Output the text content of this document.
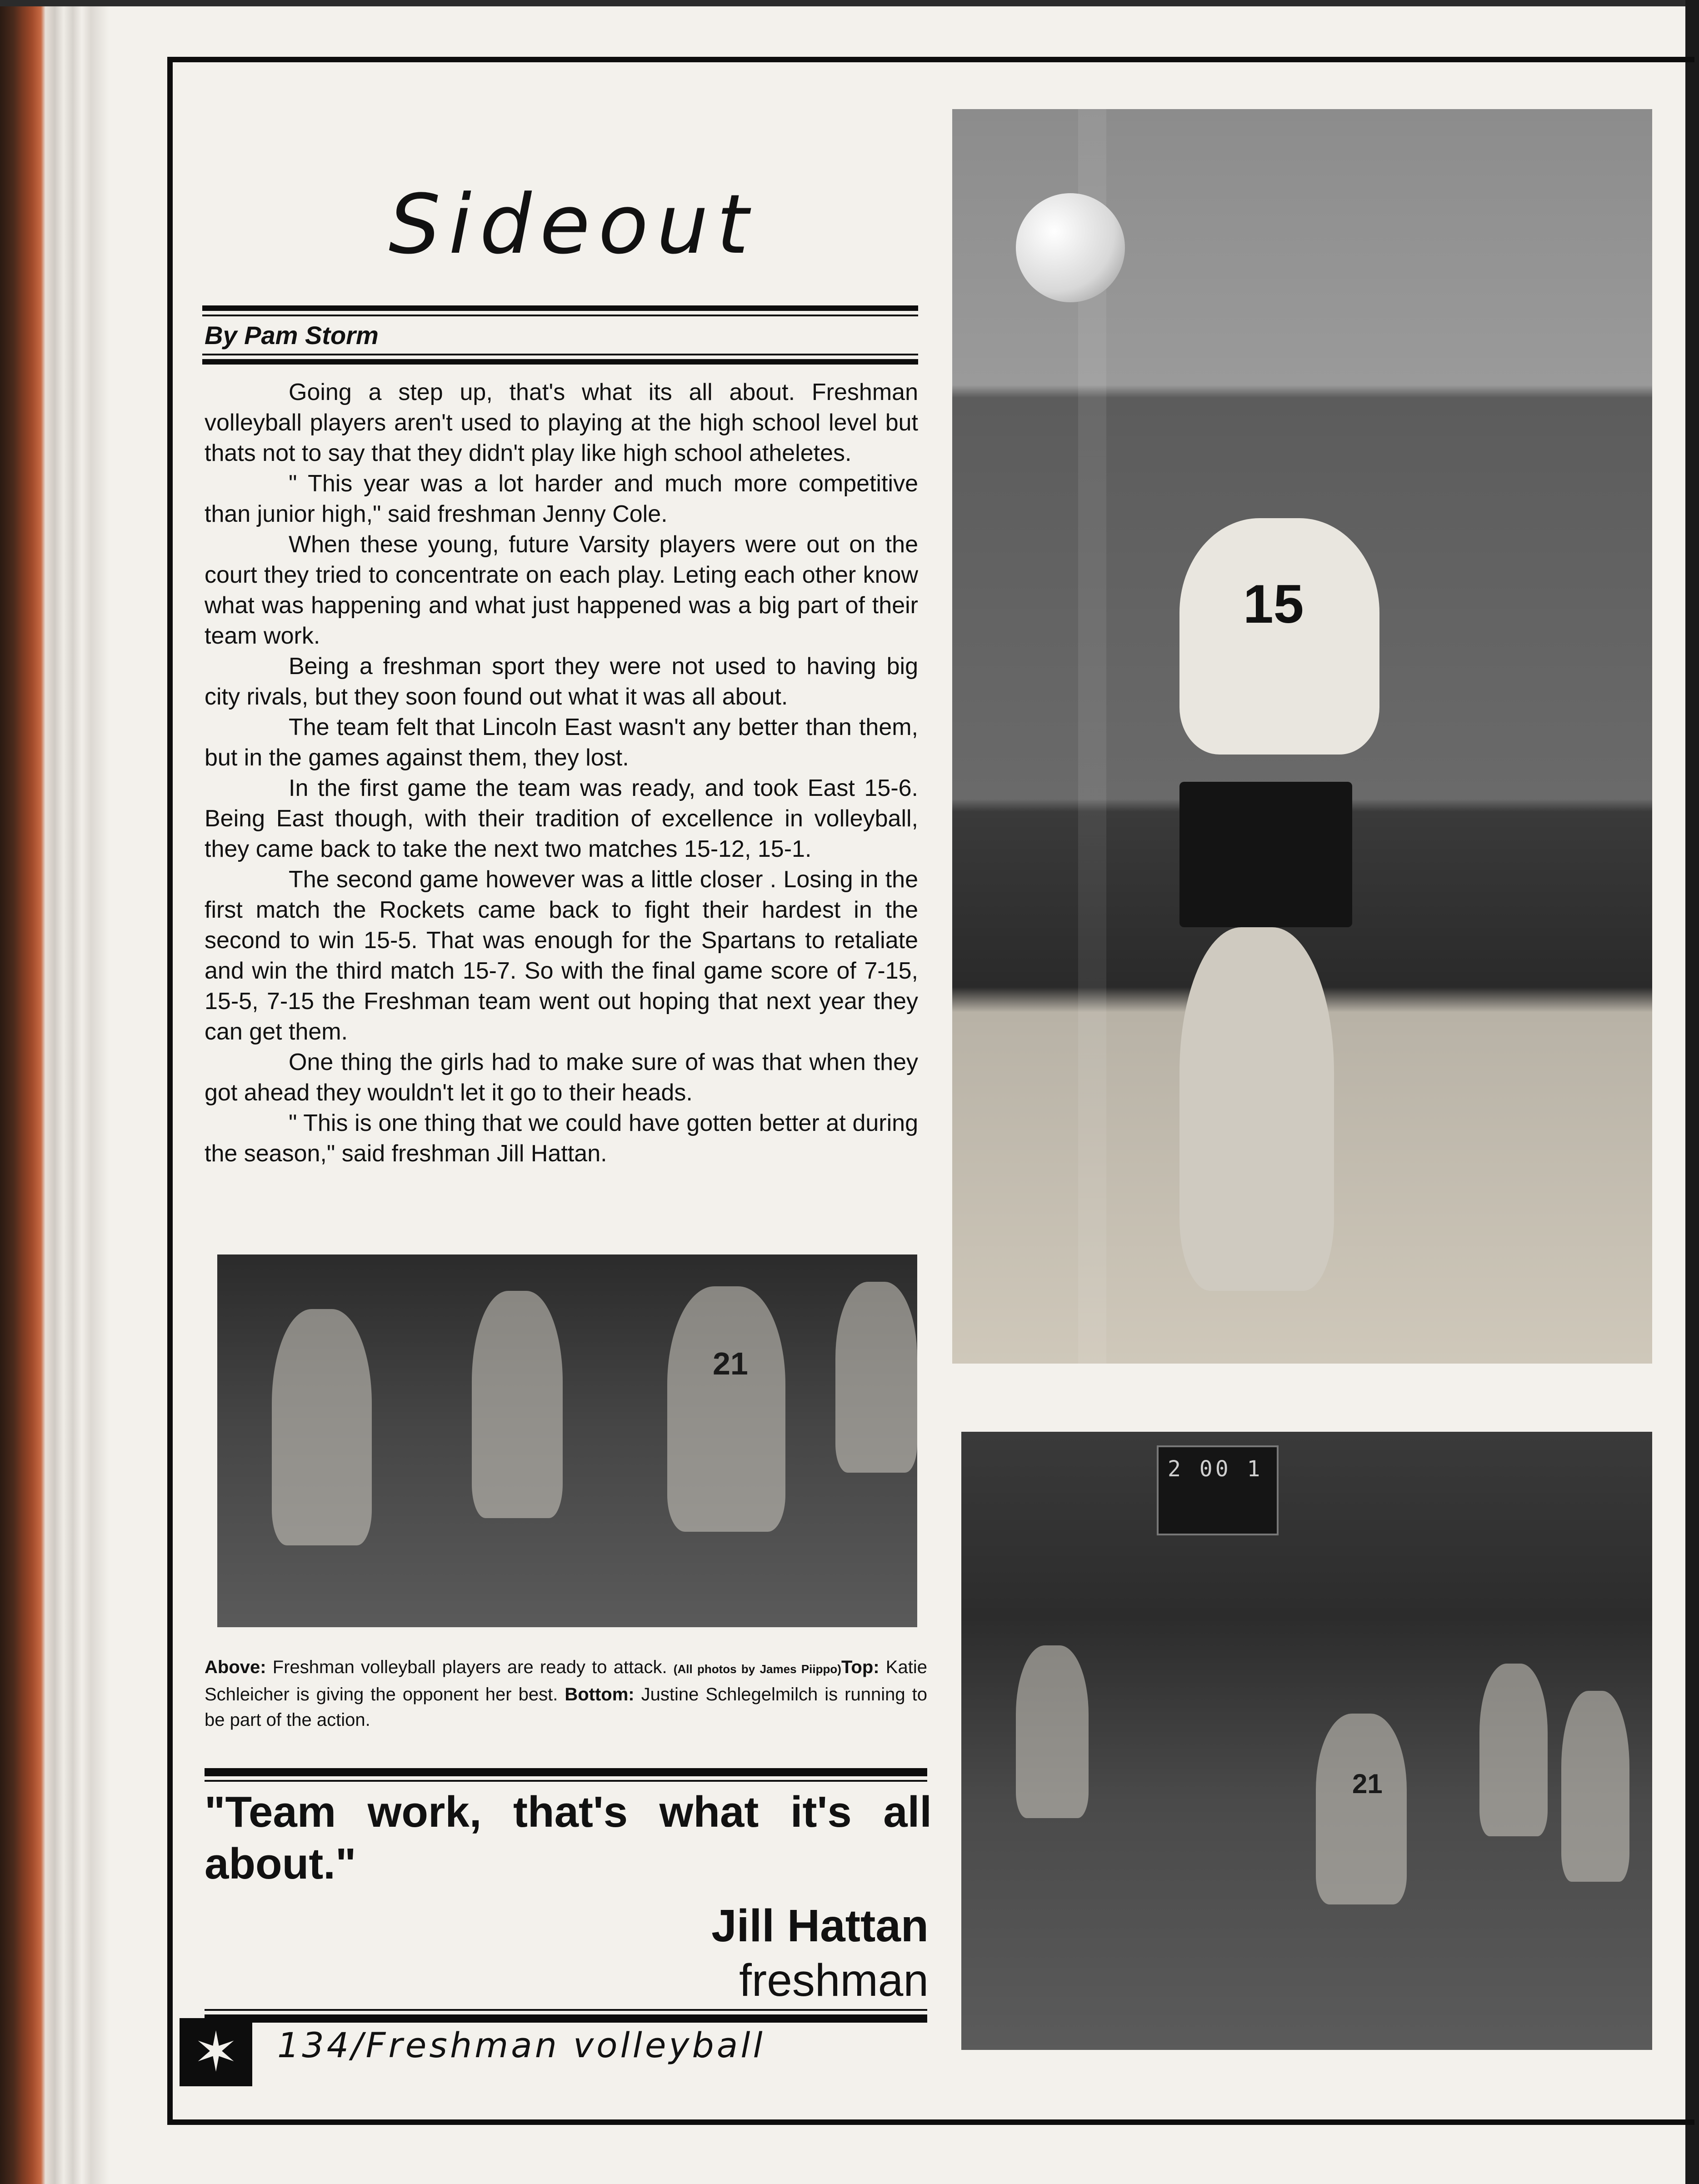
Sideout
By Pam Storm

Going a step up, that's what its all about. Freshman volleyball players aren't used to playing at the high school level but thats not to say that they didn't play like high school atheletes.

" This year was a lot harder and much more competitive than junior high," said freshman Jenny Cole.

When these young, future Varsity players were out on the court they tried to concentrate on each play. Leting each other know what was happening and what just happened was a big part of their team work.

Being a freshman sport they were not used to having big city rivals, but they soon found out what it was all about.

The team felt that Lincoln East wasn't any better than them, but in the games against them, they lost.

In the first game the team was ready, and took East 15-6. Being East though, with their tradition of excellence in volleyball, they came back to take the next two matches 15-12, 15-1.

The second game however was a little closer . Losing in the first match the Rockets came back to fight their hardest in the second to win 15-5. That was enough for the Spartans to retaliate and win the third match 15-7. So with the final game score of 7-15, 15-5, 7-15 the Freshman team went out hoping that next year they can get them.

One thing the girls had to make sure of was that when they got ahead they wouldn't let it go to their heads.

" This is one thing that we could have gotten better at during the season," said freshman Jill Hattan.

15
21
2 00 1
21
Above: Freshman volleyball players are ready to attack. (All photos by James Piippo)Top: Katie Schleicher is giving the opponent her best. Bottom: Justine Schlegelmilch is running to be part of the action.
"Team work, that's what it's all about."
Jill Hattan
freshman
✶	134/Freshman volleyball
